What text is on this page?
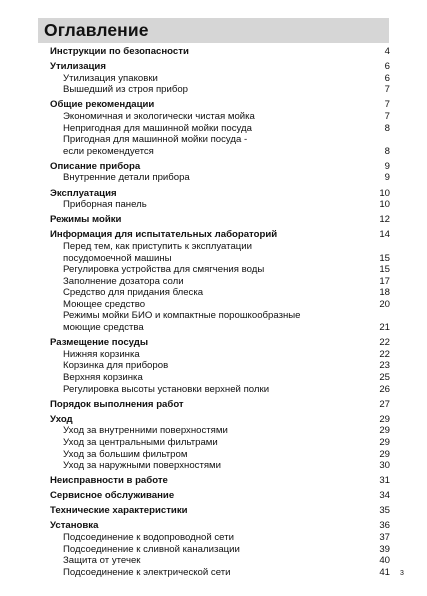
Оглавление
Инструкции по безопасности	4
Утилизация	6
Утилизация упаковки	6
Вышедший из строя прибор	7
Общие рекомендации	7
Экономичная и экологически чистая мойка	7
Непригодная для машинной мойки посуда	8
Пригодная для машинной мойки посуда -
если рекомендуется	8
Описание прибора	9
Внутренние детали прибора	9
Эксплуатация	10
Приборная панель	10
Режимы мойки	12
Информация для испытательных лабораторий	14
Перед тем, как приступить к эксплуатации
посудомоечной машины	15
Регулировка устройства для смягчения воды	15
Заполнение дозатора соли	17
Средство для придания блеска	18
Моющее средство	20
Режимы мойки БИО и компактные порошкообразные
моющие средства	21
Размещение посуды	22
Нижняя корзинка	22
Корзинка для приборов	23
Верхняя корзинка	25
Регулировка высоты установки верхней полки	26
Порядок выполнения работ	27
Уход	29
Уход за внутренними поверхностями	29
Уход за центральными фильтрами	29
Уход за большим фильтром	29
Уход за наружными поверхностями	30
Неисправности в работе	31
Сервисное обслуживание	34
Технические характеристики	35
Установка	36
Подсоединение к водопроводной сети	37
Подсоединение к сливной канализации	39
Защита от утечек	40
Подсоединение к электрической сети	41 3
